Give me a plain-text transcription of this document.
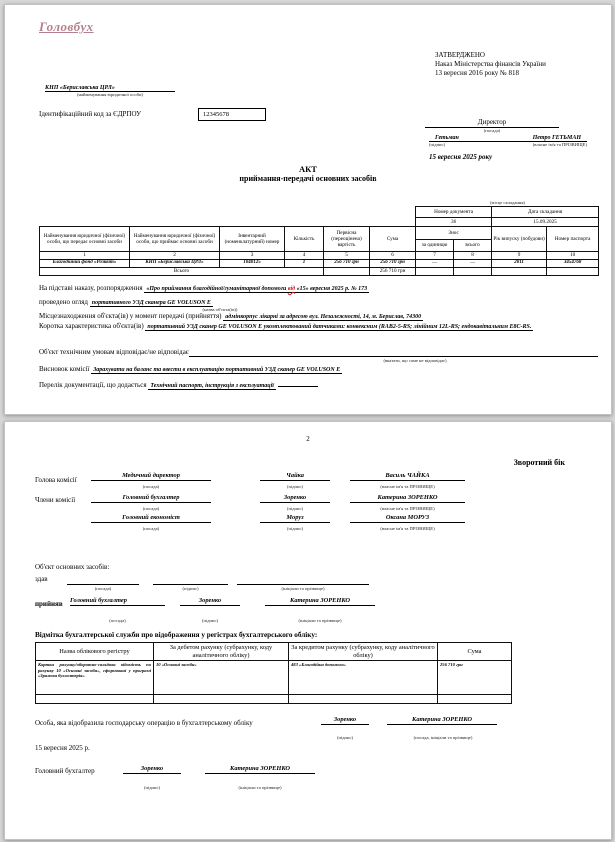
Головбух
ЗАТВЕРДЖЕНО
Наказ Міністерства фінансів України
13 вересня 2016 року № 818
КНП «Бериславська ЦРЛ»
(найменування юридичної особи)
Ідентифікаційний код за ЄДРПОУ	12345678
Директор
(посада)
Гетьман	Петро ГЕТЬМАН
(підпис)	(власне ім'я та ПРІЗВИЩЕ)
15 вересня 2025 року
АКТ
приймання-передачі основних засобів
(місце складання)
						Номер документа		Дата складання	
						36		15.09.2025	
Найменування юридичної (фізичної) особи, що передає основні засоби	Найменування юридичної (фізичної) особи, що приймає основні засоби	Інвентарний (номенклатурний) номер	Кількість	Первісна (переоцінена) вартість	Сума	Знос		Рік випуску (побудови)	Номер паспорта
						за одиницю	всього		
1	2	3	4	5	6	7	8	9	10
Благодійний фонд «Розквіт»	КНП «Бериславська ЦРЛ»	1040125	1	256 710 грн	256 710 грн	—	—	2011	3454768
Всього					256 710 грн				
На підставі наказу, розпорядження «Про приймання благодійної/гуманітарної допомоги від «15» вересня 2025 р. № 173
проведено огляд портативного УЗД сканера GE VOLUSON E
(назва об'єкта(ів))
Місцезнаходження об'єкта(ів) у момент передачі (прийняття) адмінкорпус лікарні за адресою вул. Незалежності, 14, м. Берислав, 74300
Коротка характеристика об'єкта(ів) портативний УЗД сканер GE VOLUSON E укомплектований датчиками: конвексним (RAB2-5-RS; лінійним 12L-RS; ендокавітальним E8C-RS.
Об'єкт технічним умовам відповідає/не відповідає
(вказати, що саме не відповідає)
Висновок комісії Зарахувати на баланс та ввести в експлуатацію портативний УЗД сканер GE VOLUSON E
Перелік документації, що додається Технічний паспорт, інструкція з експлуатації
2
Зворотний бік
Голова комісії
Члени комісії
Медичний директор
(посада)
Чайка
(підпис)
Василь ЧАЙКА
(власне ім'я та ПРІЗВИЩЕ)
Головний бухгалтер
(посада)
Зоренко
(підпис)
Катерина ЗОРЕНКО
(власне ім'я та ПРІЗВИЩЕ)
Головний економіст
(посада)
Моруз
(підпис)
Оксана МОРУЗ
(власне ім'я та ПРІЗВИЩЕ)
Об'єкт основних засобів:
здав
(посада)	(підпис)	(ініціали та прізвище)
прийняв Головний бухгалтер	Зоренко	Катерина ЗОРЕНКО
(посада)	(підпис)	(ініціали та прізвище)
Відмітка бухгалтерської служби про відображення у регістрах бухгалтерського обліку:
Назва облікового регістру	За дебетом рахунку (субрахунку, коду аналітичного обліку)	За кредитом рахунку (субрахунку, коду аналітичного обліку)	Сума
Картки рахунку/оборотно-сальдова відомість по рахунку 10 «Основні засоби», сформовані у програмі «Зрамова бухгалтерія»	10 «Основні засоби»	483 «Благодійна допомога»	256 710 грн

Особа, яка відобразила господарську операцію в бухгалтерському обліку	Зоренко	Катерина ЗОРЕНКО
(підпис)	(посада, ініціали та прізвище)
15 вересня 2025 р.
Головний бухгалтер	Зоренко	Катерина ЗОРЕНКО
(підпис)	(ініціали та прізвище)
